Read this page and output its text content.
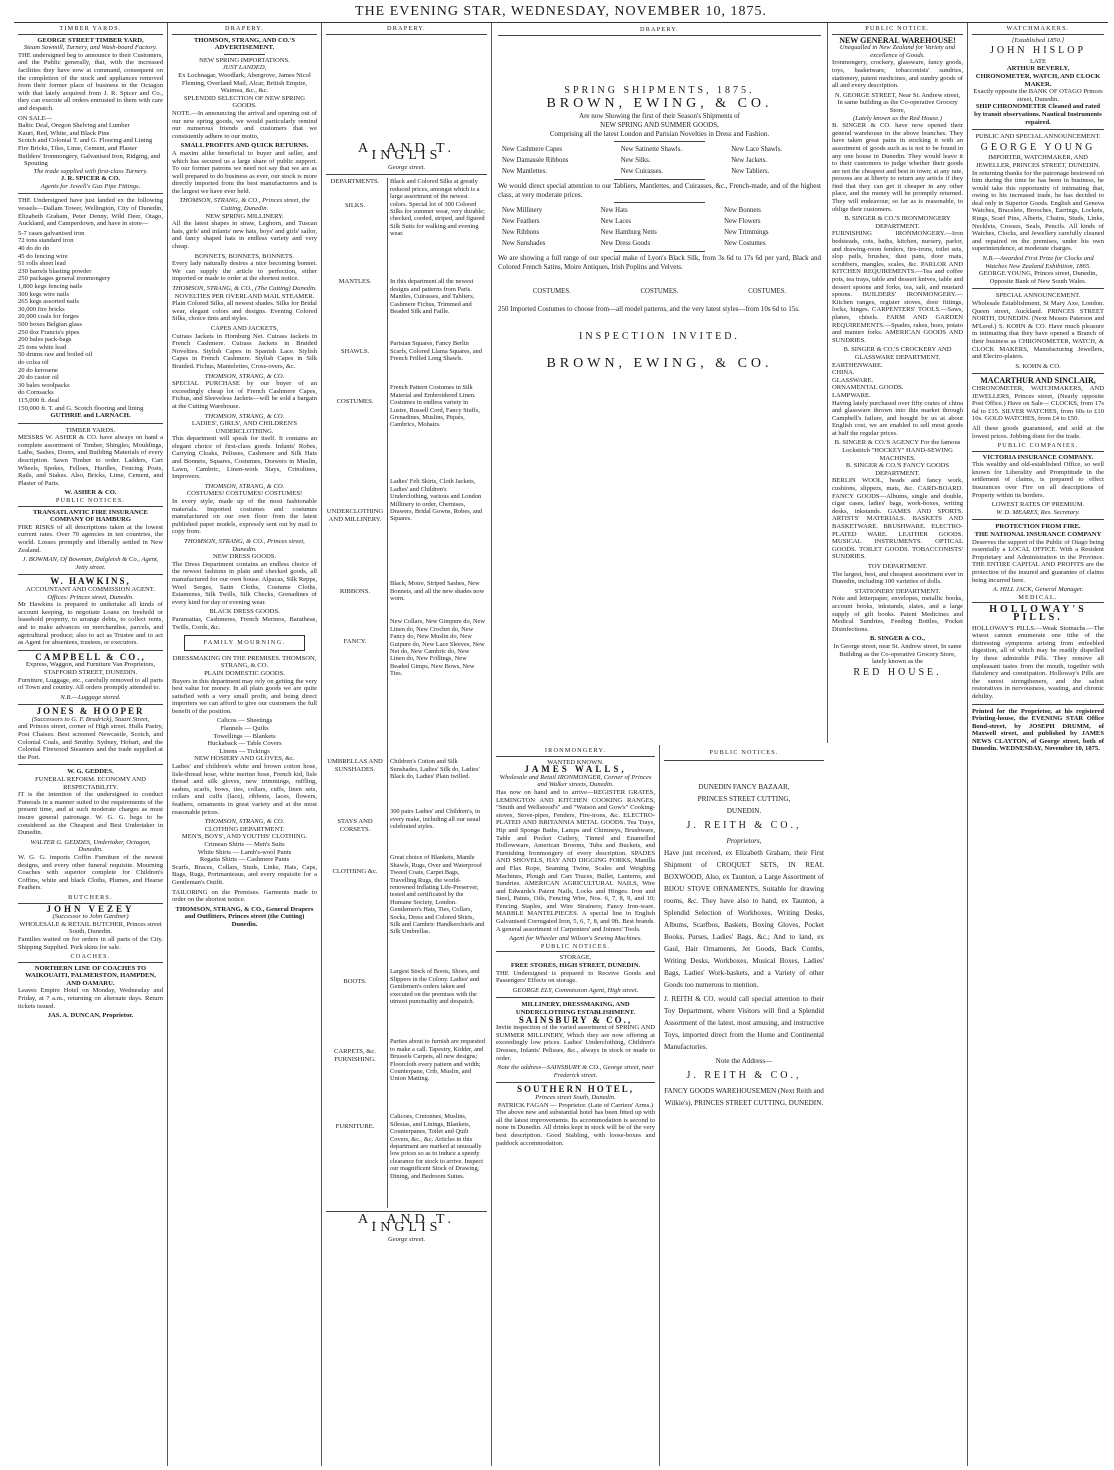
THE EVENING STAR, WEDNESDAY, NOVEMBER 10, 1875.
TIMBER YARDS.
GEORGE STREET TIMBER YARD,
Steam Sawmill, Turnery, and Wash-board Factory.

THE undersigned beg to announce to their Customers, and the Public generally, that, with the increased facilities they have now at command, consequent on the completion of the stock and appliances removed from their former place of business in the Octagon with that lately acquired from J. R. Spicer and Co., they can execute all orders entrusted to them with care and despatch.

ON SALE—
Baltic Deal, Oregon Shelving and Lumber
Kauri, Red, White, and Black Pine
Scotch and Colonial T. and G. Flooring and Lining
Fire Bricks, Tiles, Lime, Cement, and Plaster
Builders' Ironmongery, Galvanised Iron, Ridging, and Spouting
The trade supplied with first-class Turnery.
J. R. SPICER & CO.
Agents for Jewell's Gas Pipe Fittings.

THE Undersigned have just landed ex the following vessels—Dallam Tower, Wellington, City of Dunedin, Elizabeth Graham, Peter Denny, Wild Deer, Otago, Auckland, and Camperdown, and have in store—

5-7 cases galvanised iron
72 tons standard iron
40 do do do
45 do fencing wire
51 rolls sheet lead
230 barrels blasting powder
250 packages general ironmongery
1,800 kegs fencing nails
300 kegs wire nails
265 kegs assorted nails
30,000 fire bricks
20,000 coals for forges
500 boxes Belgian glass
250 doz Francis's pipes
200 bales pack-bags
25 tons white lead
50 drums raw and boiled oil
do colza oil
20 do kerosene
20 do castor oil
30 bales woolpacks
do Cornsacks
115,000 ft. deal
150,000 ft. T. and G. Scotch flooring and lining
GUTHRIE and LARNACH.
TIMBER YARDS.

MESSRS W. ASHER & CO. have always on hand a complete assortment of Timber, Shingles, Mouldings, Laths, Sashes, Doors, and Building Materials of every description. Sawn Timber to order. Ladders, Cart Wheels, Spokes, Felloes, Hurdles, Fencing Posts, Rails, and Stakes. Also, Bricks, Lime, Cement, and Plaster of Paris.

W. ASHER & CO.
PUBLIC NOTICES.
TRANSATLANTIC FIRE INSURANCE COMPANY OF HAMBURG

FIRE RISKS of all descriptions taken at the lowest current rates. Over 70 agencies in ten countries, the world. Losses promptly and liberally settled in New Zealand.

J. BOWMAN, Of Bowman, Dalgleish & Co., Agent, Jetty street.
W. HAWKINS,
ACCOUNTANT AND COMMISSION AGENT.
Offices: Princes street, Dunedin.

Mr Hawkins is prepared to undertake all kinds of account keeping, to negotiate Loans on freehold or leasehold property, to arrange debts, to collect rents, and to make advances on merchandise, parcels, and agricultural produce; also to act as Trustee and to act as Agent for absentees, trustees, or executors.

CAMPBELL & CO.,
Express, Waggon, and Furniture Van Proprietors, STAFFORD STREET, DUNEDIN.

Furniture, Luggage, etc., carefully removed to all parts of Town and country. All orders promptly attended to.

N.B.—Luggage stored.
JONES & HOOPER
(Successors to G. F. Bradrick), Stuart Street,

and Princes street, corner of High street. Hulls Pastry, Post Chaises. Best screened Newcastle, Scotch, and Colonial Coals, and Smithy. Sydney, Hobart, and the Colonial Firewood Steamers and the trade supplied at the Port.

W. G. GEDDES.
FUNERAL REFORM. ECONOMY AND RESPECTABILITY.

IT is the intention of the undersigned to conduct Funerals in a manner suited to the requirements of the present time, and at such moderate charges as must insure general patronage. W. G. G. begs to be considered as the Cheapest and Best Undertaker in Dunedin.

WALTER G. GEDDES, Undertaker, Octagon, Dunedin.

W. G. G. imports Coffin Furniture of the newest designs, and every other funeral requisite. Mourning Coaches with superior complete for Children's Coffins, white and black Cloths, Plumes, and Hearse Feathers.

BUTCHERS.
JOHN VEZEY
(Successor to John Gardner)
WHOLESALE & RETAIL BUTCHER, Princes street South, Dunedin.

Families waited on for orders in all parts of the City. Shipping Supplied. Pork skins for sale.

COACHES.
NORTHERN LINE OF COACHES TO WAIKOUAITI, PALMERSTON, HAMPDEN, AND OAMARU.

Leaves Empire Hotel on Monday, Wednesday and Friday, at 7 a.m., returning on alternate days. Return tickets issued.

JAS. A. DUNCAN, Proprietor.
DRAPERY.
THOMSON, STRANG, AND CO.'S ADVERTISEMENT.
NEW SPRING IMPORTATIONS.
JUST LANDED,
Ex Lochnagar, Woodlark, Abergrove, James Nicol Fleming, Overland Mail, Alcar, British Empire, Waimea, &c., &c.
SPLENDID SELECTION OF NEW SPRING GOODS.

NOTE.—In announcing the arrival and opening out of our new spring goods, we would particularly remind our numerous friends and customers that we consistently adhere to our motto,

SMALL PROFITS AND QUICK RETURNS.

A maxim alike beneficial to buyer and seller, and which has secured us a large share of public support. To our former patrons we need not say that we are as well prepared to do business as ever, our stock is more directly imported from the best manufacturers and is the largest we have ever held.

THOMSON, STRANG, & CO., Princes street, the Cutting, Dunedin.
NEW SPRING MILLINERY.

All the latest shapes in straw, Leghorn, and Tuscan hats, girls' and infants' new hats, boys' and girls' sailor, and fancy shaped hats in endless variety and very cheap.

BONNETS, BONNETS, BONNETS.

Every lady naturally desires a nice becoming bonnet. We can supply the article to perfection, either imported or made to order at the shortest notice.

THOMSON, STRANG, & CO., (The Cutting) Dunedin.
NOVELTIES PER OVERLAND MAIL STEAMER.

Plain Colored Silks, all newest shades. Silks for Bridal wear, elegant colors and designs. Evening Colored Silks, choice tints and styles.

CAPES AND JACKETS,

Cuirass Jackets in Homburg Net. Cuirass Jackets in French Cashmere. Cuirass Jackets in Braided Novelties. Stylish Capes in Spanish Lace. Stylish Capes in French Cashmere. Stylish Capes in Silk Braided. Fichus, Mantelettes, Cross-overs, &c.

THOMSON, STRANG, & CO.

SPECIAL PURCHASE by our buyer of an exceedingly cheap lot of French Cashmere Capes, Fichus, and Sleeveless Jackets—will be sold a bargain at the Cutting Warehouse.

THOMSON, STRANG, & CO.
LADIES', GIRLS', AND CHILDREN'S UNDERCLOTHING.

This department will speak for itself. It contains an elegant choice of first-class goods. Infants' Robes, Carrying Cloaks, Pelisses, Cashmere and Silk Hats and Bonnets, Squares, Costumes, Drawers in Muslin, Lawn, Cambric, Linen-work Stays, Crinolines, Improvers.

THOMSON, STRANG, & CO.
COSTUMES! COSTUMES! COSTUMES!

In every style, made up of the most fashionable materials. Imported costumes and costumes manufactured on our own floor from the latest published paper models, expressly sent out by mail to copy from.

THOMSON, STRANG, & CO., Princes street, Dunedin.
NEW DRESS GOODS.

The Dress Department contains an endless choice of the newest fashions in plain and checked goods, all manufactured for our own house. Alpacas, Silk Repps, Wool Serges, Satin Cloths, Costume Cloths, Estamenes, Silk Twills, Silk Checks, Grenadines of every kind for day or evening wear.

BLACK DRESS GOODS.

Paramattas, Cashmeres, French Merinos, Baratheas, Twills, Cords, &c.

FAMILY MOURNING.
DRESSMAKING ON THE PREMISES. THOMSON, STRANG, & CO.
PLAIN DOMESTIC GOODS.

Buyers in this department may rely on getting the very best value for money. In all plain goods we are quite satisfied with a very small profit, and being direct importers we can afford to give our customers the full benefit of the position.

Calicos — Sheetings
Flannels — Quilts
Towellings — Blankets
Huckaback — Table Covers
Linens — Tickings
NEW HOSIERY AND GLOVES, &c.

Ladies' and children's white and brown cotton hose, lisle-thread hose, white merino hose, French kid, lisle thread and silk gloves, new trimmings, ruffling, sashes, scarfs, bows, ties, collars, cuffs, linen sets, collars and cuffs (lace), ribbons, laces, flowers, feathers, ornaments in great variety and at the most reasonable prices.

THOMSON, STRANG, & CO.
CLOTHING DEPARTMENT.
MEN'S, BOYS', AND YOUTHS' CLOTHING.
Crimean Shirts — Men's Suits
White Shirts — Lamb's-wool Pants
Regatta Shirts — Cashmere Pants

Scarfs, Braces, Collars, Studs, Links, Hats, Caps, Bags, Rugs, Portmanteaus, and every requisite for a Gentleman's Outfit.

TAILORING on the Premises. Garments made to order on the shortest notice.

THOMSON, STRANG, & CO., General Drapers and Outfitters, Princes street (the Cutting) Dunedin.
DRAPERY.
A. AND T. INGLIS
George street.
DEPARTMENTS.
SILKS.
Black and Colored Silks at greatly reduced prices, amongst which is a large assortment of the newest colors. Special lot of 300 Colored Silks for summer wear, very durable; checked, corded, striped, and figured Silk Suits for walking and evening wear.
MANTLES.	In this department all the newest designs and patterns from Paris. Mantles, Cuirasses, and Tabliers, Cashmere Fichus, Trimmed and Beaded Silk and Faille.
SHAWLS.
Parisian Squares, Fancy Berlin Scarfs, Colored Llama Squares, and French Frilled Long Shawls.
COSTUMES.
French Pattern Costumes in Silk Material and Embroidered Linen. Costumes in endless variety in Lustre, Russell Cord, Fancy Stuffs, Grenadines, Muslins, Piqués, Cambrics, Mohairs.
UNDERCLOTHING AND MILLINERY.
Ladies' Felt Skirts, Cloth Jackets, Ladies' and Children's Underclothing, various and London Millinery to order, Chemises, Drawers, Bridal Gowns, Robes, and Squares.
RIBBONS.
Black, Moire, Striped Sashes, New Bonnets, and all the new shades now worn.
FANCY.
New Collars, New Gimpure do, New Linen do, New Crochet do, New Fancy do, New Muslin do, New Guipure do, New Lace Sleeves, New Net do, New Cambric do, New Linen do, New Frillings, New Beaded Gimps, New Bows, New Ties.
UMBRELLAS AND SUNSHADES.
Children's Cotton and Silk Sunshades, Ladies' Silk do, Ladies' Black do, Ladies' Plain twilled.
STAYS AND CORSETS.
300 pairs Ladies' and Children's, in every make, including all our usual celebrated styles.
CLOTHING &c.
Great choice of Blankets, Mantle Shawls, Rugs, Over and Waterproof Tweed Coats, Carpet Bags, Travelling Rugs, the world-renowned Inflating Life-Preserver, tested and certificated by the Humane Society, London. Gentlemen's Hats, Ties, Collars, Socks, Dress and Colored Shirts, Silk and Cambric Handkerchiefs and Silk Umbrellas.
BOOTS.
Largest Stock of Boots, Shoes, and Slippers in the Colony. Ladies' and Gentlemen's orders taken and executed on the premises with the utmost punctuality and despatch.
CARPETS, &c. FURNISHING.
Parties about to furnish are requested to make a call. Tapestry, Kidder, and Brussels Carpets, all new designs; Floorcloth every pattern and width; Counterpane, Crib, Muslin, and Union Matting.
FURNITURE.
Calicoes, Cretonnes, Muslins, Silesias, and Linings, Blankets, Counterpanes, Toilet and Quilt Covers, &c., &c. Articles in this department are marked at unusually low prices so as to induce a speedy clearance for stock to arrive. Inspect our magnificent Stock of Drawing, Dining, and Bedroom Suites.
A. AND T. INGLIS
George street.
DRAPERY.
SPRING SHIPMENTS, 1875.
BROWN, EWING, & CO.
Are now Showing the first of their Season's Shipments of
NEW SPRING AND SUMMER GOODS,
Comprising all the latest London and Parisian Novelties in Dress and Fashion.
New Cashmere Capes	New Satinette Shawls.	New Lace Shawls.
New Damassée Ribbons	New Silks.	New Jackets.
New Mantlettes.	New Cuirasses.	New Tabliers.

We would direct special attention to our Tabliers, Mantlettes, and Cuirasses, &c., French-made, and of the highest class, at very moderate prices.

New Millinery	New Hats	New Bonnets
New Feathers	New Laces	New Flowers
New Ribbons	New Hamburg Netts	New Trimmings
New Sunshades	New Dress Goods	New Costumes

We are showing a full range of our special make of Lyon's Black Silk, from 3s 6d to 17s 6d per yard, Black and Colored French Satins, Moire Antiques, Irish Poplins and Velvets.

COSTUMES.	COSTUMES.	COSTUMES.

250 Imported Costumes to choose from—all model patterns, and the very latest styles—from 10s 6d to 15s.

INSPECTION INVITED.
BROWN, EWING, & CO.
IRONMONGERY.
WANTED KNOWN.
JAMES WALLS,
Wholesale and Retail IRONMONGER, Corner of Princes and Walker streets, Dunedin.

Has now on hand and to arrive—REGISTER GRATES, LEMINGTON AND KITCHEN COOKING RANGES, "Smith and Wellstood's" and "Watson and Gow's" Cooking-stoves, Stove-pipes, Fenders, Fire-irons, &c. ELECTRO-PLATED AND BRITANNIA METAL GOODS. Tea Trays, Hip and Sponge Baths, Lamps and Chimneys, Brushware, Table and Pocket Cutlery, Tinned and Enamelled Hollowware, American Brooms, Tubs and Buckets, and Furnishing Ironmongery of every description. SPADES AND SHOVELS, HAY AND DIGGING FORKS, Manilla and Flax Rope, Seaming Twine, Scales and Weighing Machines, Plough and Cart Traces, Bullet, Lanterns, and Sundries. AMERICAN AGRICULTURAL NAILS, Wire and Edwards's Patent Nails, Locks and Hinges. Iron and Steel, Paints, Oils, Fencing Wire, Nos. 6, 7, 8, 9, and 10; Fencing Staples, and Wire Strainers; Fancy Iron-ware. MARBLE MANTELPIECES. A special line in English Galvanised Corrugated Iron, 5, 6, 7, 8, and 9ft. Best brands. A general assortment of Carpenters' and Joiners' Tools.

Agent for Wheeler and Wilson's Sewing Machines.
PUBLIC NOTICES.
STORAGE.
FREE STORES, HIGH STREET, DUNEDIN.

THE Undersigned is prepared to Receive Goods and Passengers' Effects on storage.

GEORGE ELY, Commission Agent, High street.
MILLINERY, DRESSMAKING, AND UNDERCLOTHING ESTABLISHMENT.
SAINSBURY & CO.,

Invite inspection of the varied assortment of SPRING AND SUMMER MILLINERY, Which they are now offering at exceedingly low prices. Ladies' Underclothing, Children's Dresses, Infants' Pelisses, &c., always in stock or made to order.

Note the address—SAINSBURY & CO., George street, near Frederick street.
SOUTHERN HOTEL,
Princes street South, Dunedin.
PATRICK FAGAN — Proprietor. (Late of Carriers' Arms.)

The above new and substantial hotel has been fitted up with all the latest improvements. Its accommodation is second to none in Dunedin. All drinks kept in stock will be of the very best description. Good Stabling, with loose-boxes and paddock accommodation.

PUBLIC NOTICES.
DUNEDIN FANCY BAZAAR,
PRINCES STREET CUTTING,
DUNEDIN.
J. REITH & CO.,
Proprietors,

Have just received, ex Elizabeth Graham, their First Shipment of CROQUET SETS, IN REAL BOXWOOD, Also, ex Taunton, a Large Assortment of BIJOU STOVE ORNAMENTS, Suitable for drawing rooms, &c. They have also to hand, ex Taunton, a Splendid Selection of Workboxes, Writing Desks, Albums, Scarfbos, Baskets, Boxing Gloves, Pocket Books, Purses, Ladies' Bags, &c.; And to land, ex Gaul, Hair Ornaments, Jet Goods, Back Combs, Writing Desks, Workboxes, Musical Boxes, Ladies' Bags, Ladies' Work-baskets, and a Variety of other Goods too numerous to mention.

J. REITH & CO. would call special attention to their Toy Department, where Visitors will find a Splendid Assortment of the latest, most amusing, and instructive Toys, imported direct from the Home and Continental Manufactories.

Note the Address—
J. REITH & CO.,
FANCY GOODS WAREHOUSEMEN (Next Reith and Wilkie's), PRINCES STREET CUTTING, DUNEDIN.
PUBLIC NOTICE.
NEW GENERAL WAREHOUSE!
Unequalled in New Zealand for Variety and excellence of Goods.

Ironmongery, crockery, glassware, fancy goods, toys, basketware, tobacconists' sundries, stationery, patent medicines, and sundry goods of all and every description.

N. GEORGE STREET, Near St. Andrew street, In same building as the Co-operative Grocery Store,
(Lately known as the Red House.)

B. SINGER & CO. have now opened their general warehouse in the above branches. They have taken great pains in stocking it with an assortment of goods such as is not to be found in any one house in Dunedin. They would leave it to their customers to judge whether their goods are not the cheapest and best in town; at any rate, persons are at liberty to return any article if they find that they can get it cheaper in any other place, and the money will be promptly returned. They will endeavour, so far as is reasonable, to oblige their customers.

B. SINGER & CO.'S IRONMONGERY DEPARTMENT.

FURNISHING IRONMONGERY.—Iron bedsteads, cots, baths, kitchen, nursery, parlor, and drawing-room fenders, fire-irons, toilet sets, slop pails, brushes, dust pans, door mats, scrubbers, mangles, scales, &c. PARLOR AND KITCHEN REQUIREMENTS.—Tea and coffee pots, tea trays, table and dessert knives, table and dessert spoons and forks, tea, salt, and mustard spoons. BUILDERS' IRONMONGERY.—Kitchen ranges, register stoves, door fittings, locks, hinges. CARPENTERS' TOOLS.—Saws, planes, chisels. FARM AND GARDEN REQUIREMENTS.—Spades, rakes, hoes, potato and manure forks. AMERICAN GOODS AND SUNDRIES.

B. SINGER & CO.'S CROCKERY AND GLASSWARE DEPARTMENT.
EARTHENWARE.
CHINA.
GLASSWARE.
ORNAMENTAL GOODS.
LAMPWARE.

Having lately purchased over fifty crates of china and glassware thrown into this market through Campbell's failure, and bought by us at about English cost, we are enabled to sell most goods at half the regular prices.

B. SINGER & CO.'S AGENCY For the famous Lockstitch "HOCKEY" HAND-SEWING MACHINES.
B. SINGER & CO.'S FANCY GOODS DEPARTMENT.

BERLIN WOOL, beads and fancy work, cushions, slippers, mats, &c. CARD-BOARD. FANCY GOODS—Albums, single and double, cigar cases, ladies' bags, work-boxes, writing desks, inkstands. GAMES AND SPORTS. ARTISTS' MATERIALS. BASKETS AND BASKETWARE. BRUSHWARE. ELECTRO-PLATED WARE. LEATHER GOODS. MUSICAL INSTRUMENTS. OPTICAL GOODS. TOILET GOODS. TOBACCONISTS' SUNDRIES.

TOY DEPARTMENT.

The largest, best, and cheapest assortment ever in Dunedin, including 100 varieties of dolls.

STATIONERY DEPARTMENT.

Note and letterpaper, envelopes, metallic books, account books, inkstands, slates, and a large supply of gilt books. Patent Medicines and Medical Sundries, Feeding Bottles, Pocket Disinfections.

B. SINGER & CO.,
In George street, near St. Andrew street, In same Building as the Co-operative Grocery Store, lately known as the
RED HOUSE.
WATCHMAKERS.
[Established 1850.]
JOHN HISLOP
LATE
ARTHUR BEVERLY,
CHRONOMETER, WATCH, AND CLOCK MAKER.
Exactly opposite the BANK OF OTAGO Princes street, Dunedin.
SHIP CHRONOMETER Cleaned and rated by transit observations. Nautical Instruments repaired.
PUBLIC AND SPECIAL ANNOUNCEMENT.
GEORGE YOUNG
IMPORTER, WATCHMAKER, AND JEWELLER, PRINCES STREET, DUNEDIN.

In returning thanks for the patronage bestowed on him during the time he has been in business, he would take this opportunity of intimating that, owing to his increased trade, he has decided to deal only in Superior Goods. English and Geneva Watches, Bracelets, Brooches, Earrings, Lockets, Rings, Scarf Pins, Alberts, Chains, Studs, Links, Necklets, Crosses, Seals, Pencils. All kinds of Watches, Clocks, and Jewellery carefully cleaned and repaired on the premises, under his own superintendence, at moderate charges.

N.B.—Awarded First Prize for Clocks and Watches New Zealand Exhibition, 1865.
GEORGE YOUNG, Princes street, Dunedin, Opposite Bank of New South Wales.
SPECIAL ANNOUNCEMENT.

Wholesale Establishment, St Mary Axe, London. Queen street, Auckland. PRINCES STREET NORTH, DUNEDIN. (Next Messrs Paterson and M'Leod.) S. KOHN & CO. Have much pleasure in intimating that they have opened a Branch of their business as CHRONOMETER, WATCH, & CLOCK MAKERS, Manufacturing Jewellers, and Electro-platers.

S. KOHN & CO.
MACARTHUR AND SINCLAIR,

CHRONOMETER, WATCHMAKERS, AND JEWELLERS, Princes street, (Nearly opposite Post Office.) Have on Sale— CLOCKS, from 17s 6d to £15. SILVER WATCHES, from 60s to £10 10s. GOLD WATCHES, from £4 to £50.

All these goods guaranteed, and sold at the lowest prices. Jobbing done for the trade.

PUBLIC COMPANIES.
VICTORIA INSURANCE COMPANY.

This wealthy and old-established Office, so well known for Liberality and Promptitude in the settlement of claims, is prepared to effect Insurances over Fire on all descriptions of Property within its borders.

LOWEST RATES OF PREMIUM.
W. D. MEARES, Res. Secretary.
PROTECTION FROM FIRE.
THE NATIONAL INSURANCE COMPANY

Deserves the support of the Public of Otago being essentially a LOCAL OFFICE. With a Resident Proprietary and Administration in the Province. THE ENTIRE CAPITAL AND PROFITS are the protection of the insured and guarantee of claims being incurred here.

A. HILL JACK, General Manager.
MEDICAL.
HOLLOWAY'S PILLS.

HOLLOWAY'S PILLS.—Weak Stomachs.—The wisest cannot enumerate one tithe of the distressing symptoms arising from enfeebled digestion, all of which may be readily dispelled by these admirable Pills. They remove all unpleasant tastes from the mouth, together with flatulency and constipation. Holloway's Pills are the surest strengtheners, and the safest restoratives in nervousness, wasting, and chronic debility.

Printed for the Proprietor, at his registered Printing-house, the EVENING STAR Office Bond-street, by JOSEPH DRUMM, of Maxwell street, and published by JAMES NEWS CLAYTON, of George street, both of Dunedin. WEDNESDAY, November 10, 1875.
